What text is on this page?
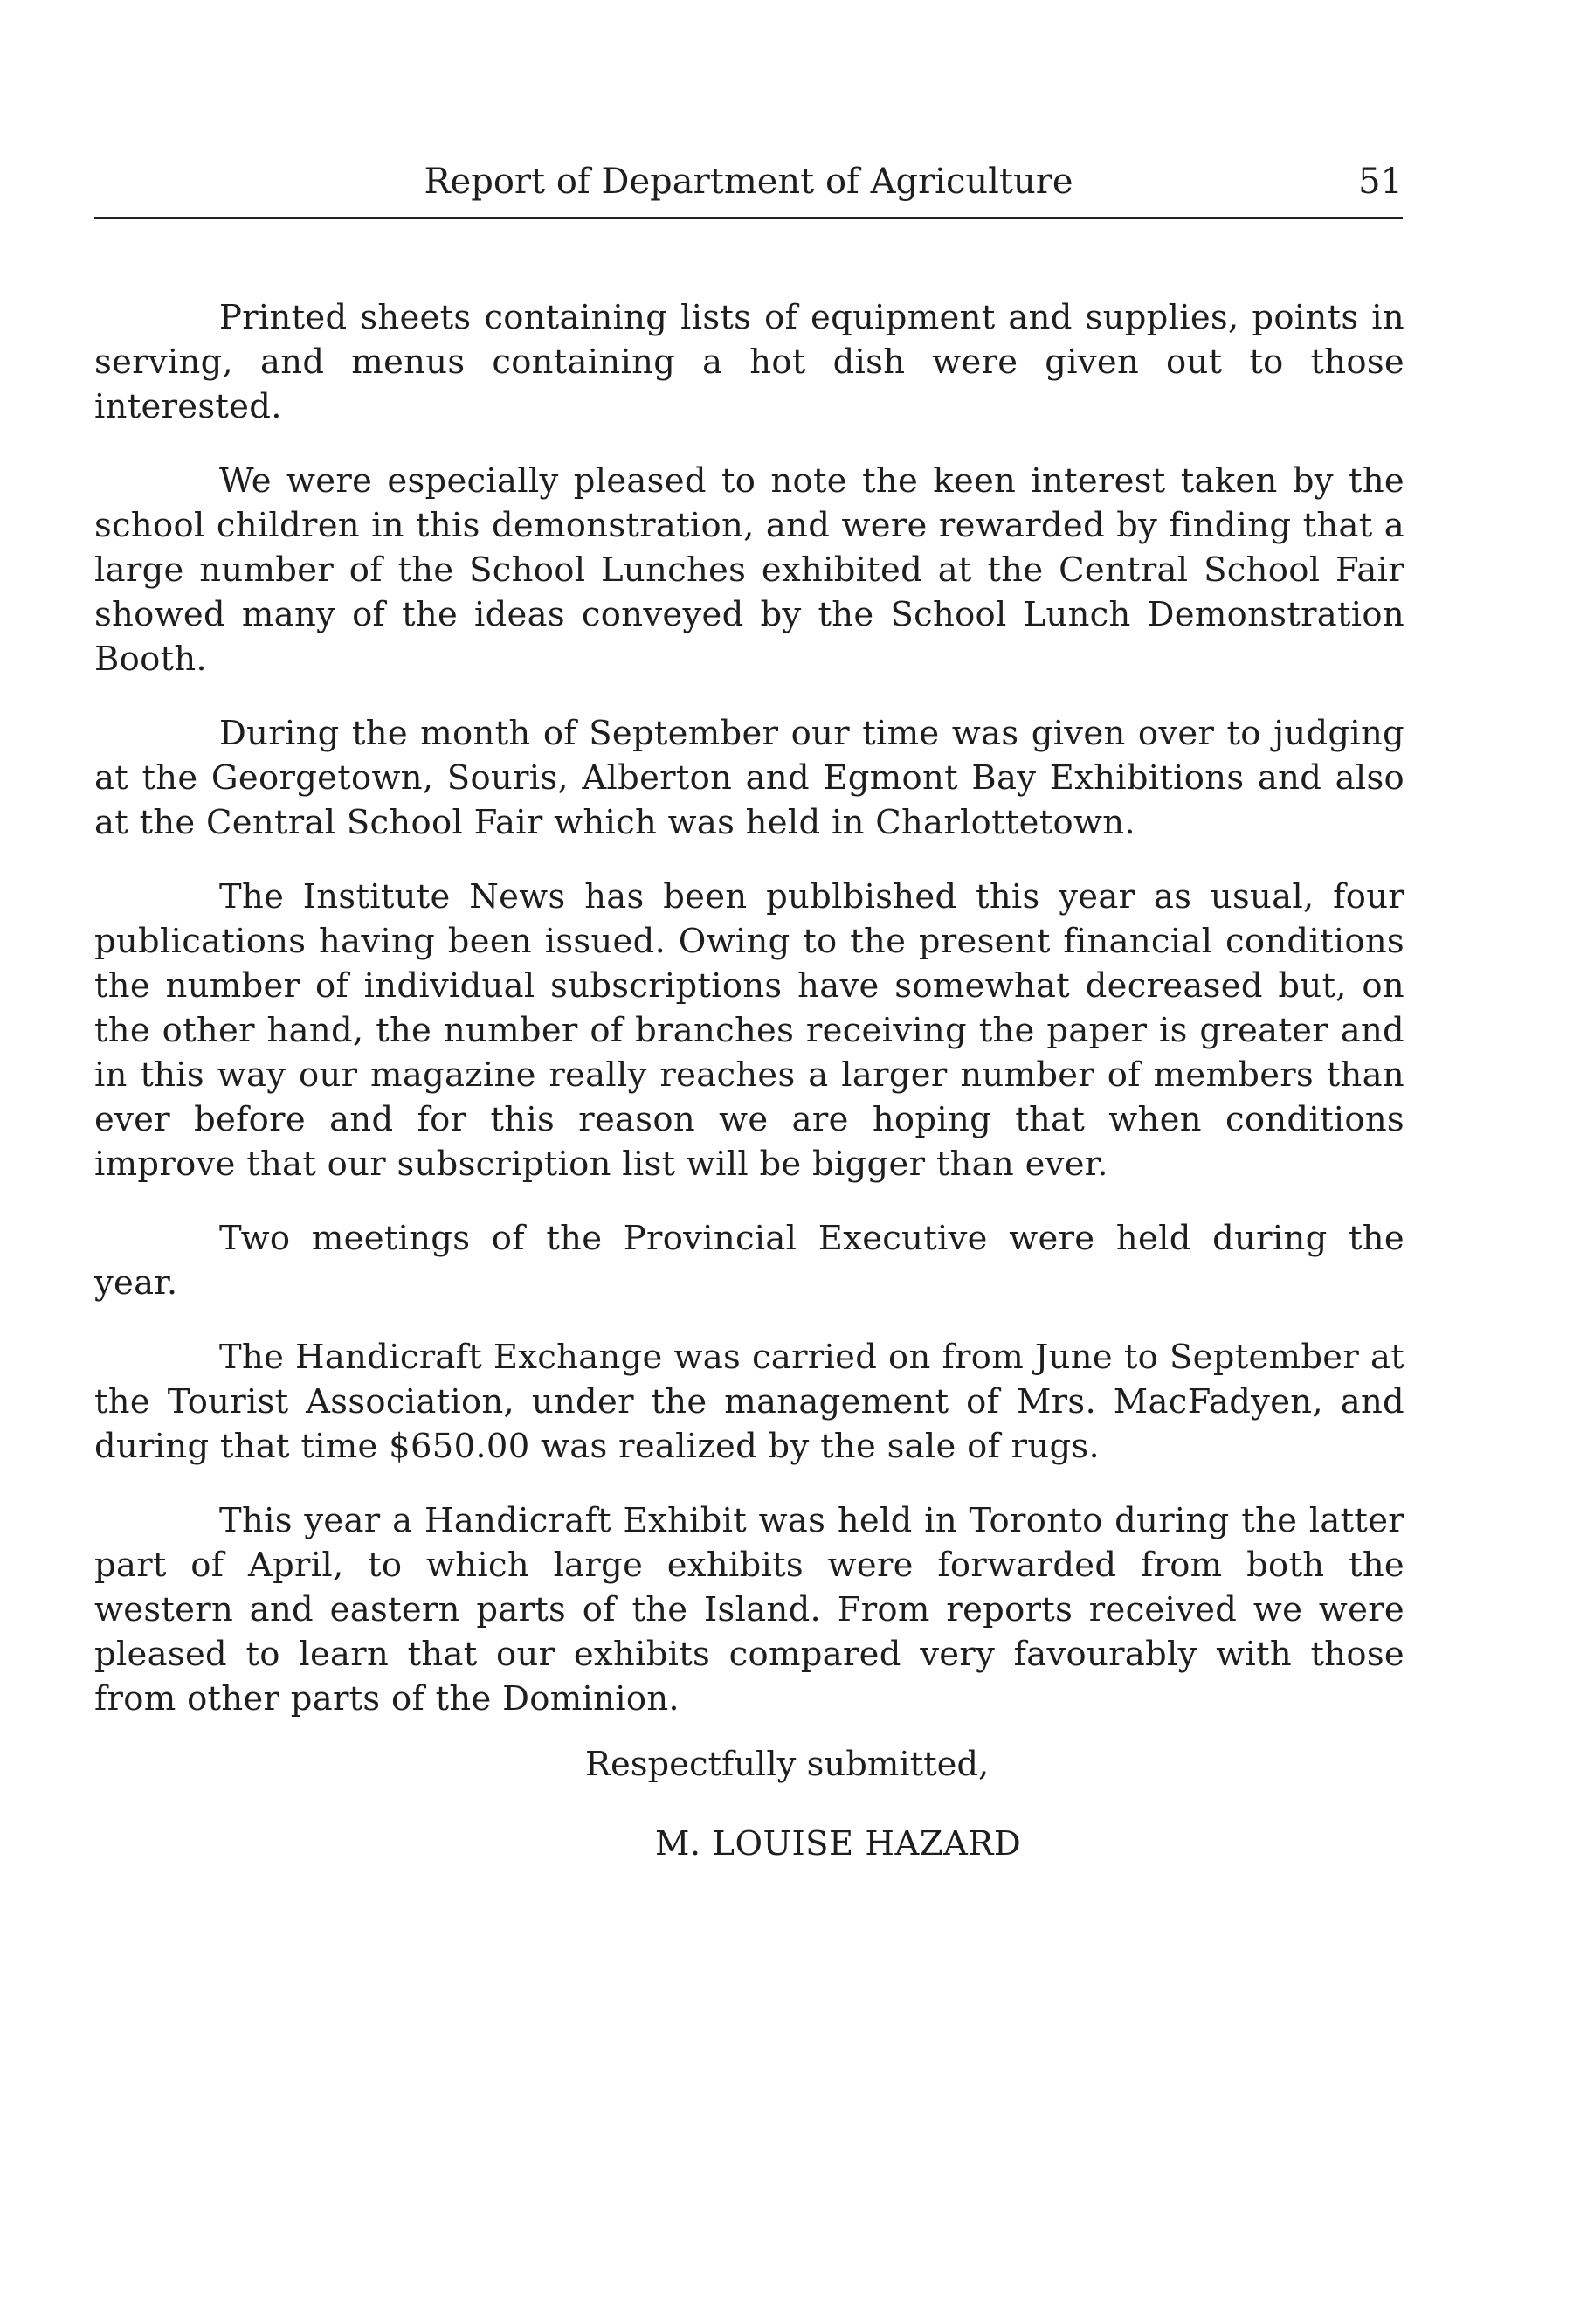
Report of Department of Agriculture	51

Printed sheets containing lists of equipment and supplies, points in serving, and menus containing a hot dish were given out to those interested.

We were especially pleased to note the keen interest taken by the school children in this demonstration, and were rewarded by finding that a large number of the School Lunches exhibited at the Central School Fair showed many of the ideas conveyed by the School Lunch Demonstration Booth.

During the month of September our time was given over to judging at the Georgetown, Souris, Alberton and Egmont Bay Exhibitions and also at the Central School Fair which was held in Charlottetown.

The Institute News has been publbished this year as usual, four publications having been issued. Owing to the present financial conditions the number of individual subscriptions have somewhat decreased but, on the other hand, the number of branches receiving the paper is greater and in this way our magazine really reaches a larger number of members than ever before and for this reason we are hoping that when conditions improve that our subscription list will be bigger than ever.

Two meetings of the Provincial Executive were held during the year.

The Handicraft Exchange was carried on from June to September at the Tourist Association, under the management of Mrs. MacFadyen, and during that time $650.00 was realized by the sale of rugs.

This year a Handicraft Exhibit was held in Toronto during the latter part of April, to which large exhibits were forwarded from both the western and eastern parts of the Island. From reports received we were pleased to learn that our exhibits compared very favourably with those from other parts of the Dominion.

Respectfully submitted,
M. LOUISE HAZARD
